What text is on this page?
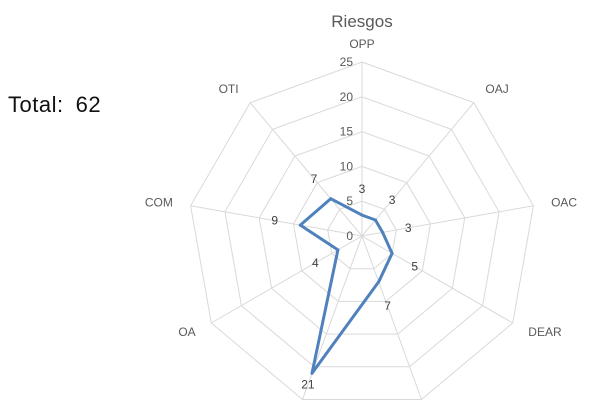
Total: 62
Riesgos
0
5
10
15
20
25
OPP
OAJ
OAC
DEAR
OA
COM
OTI
3
3
3
5
7
21
4
9
7
